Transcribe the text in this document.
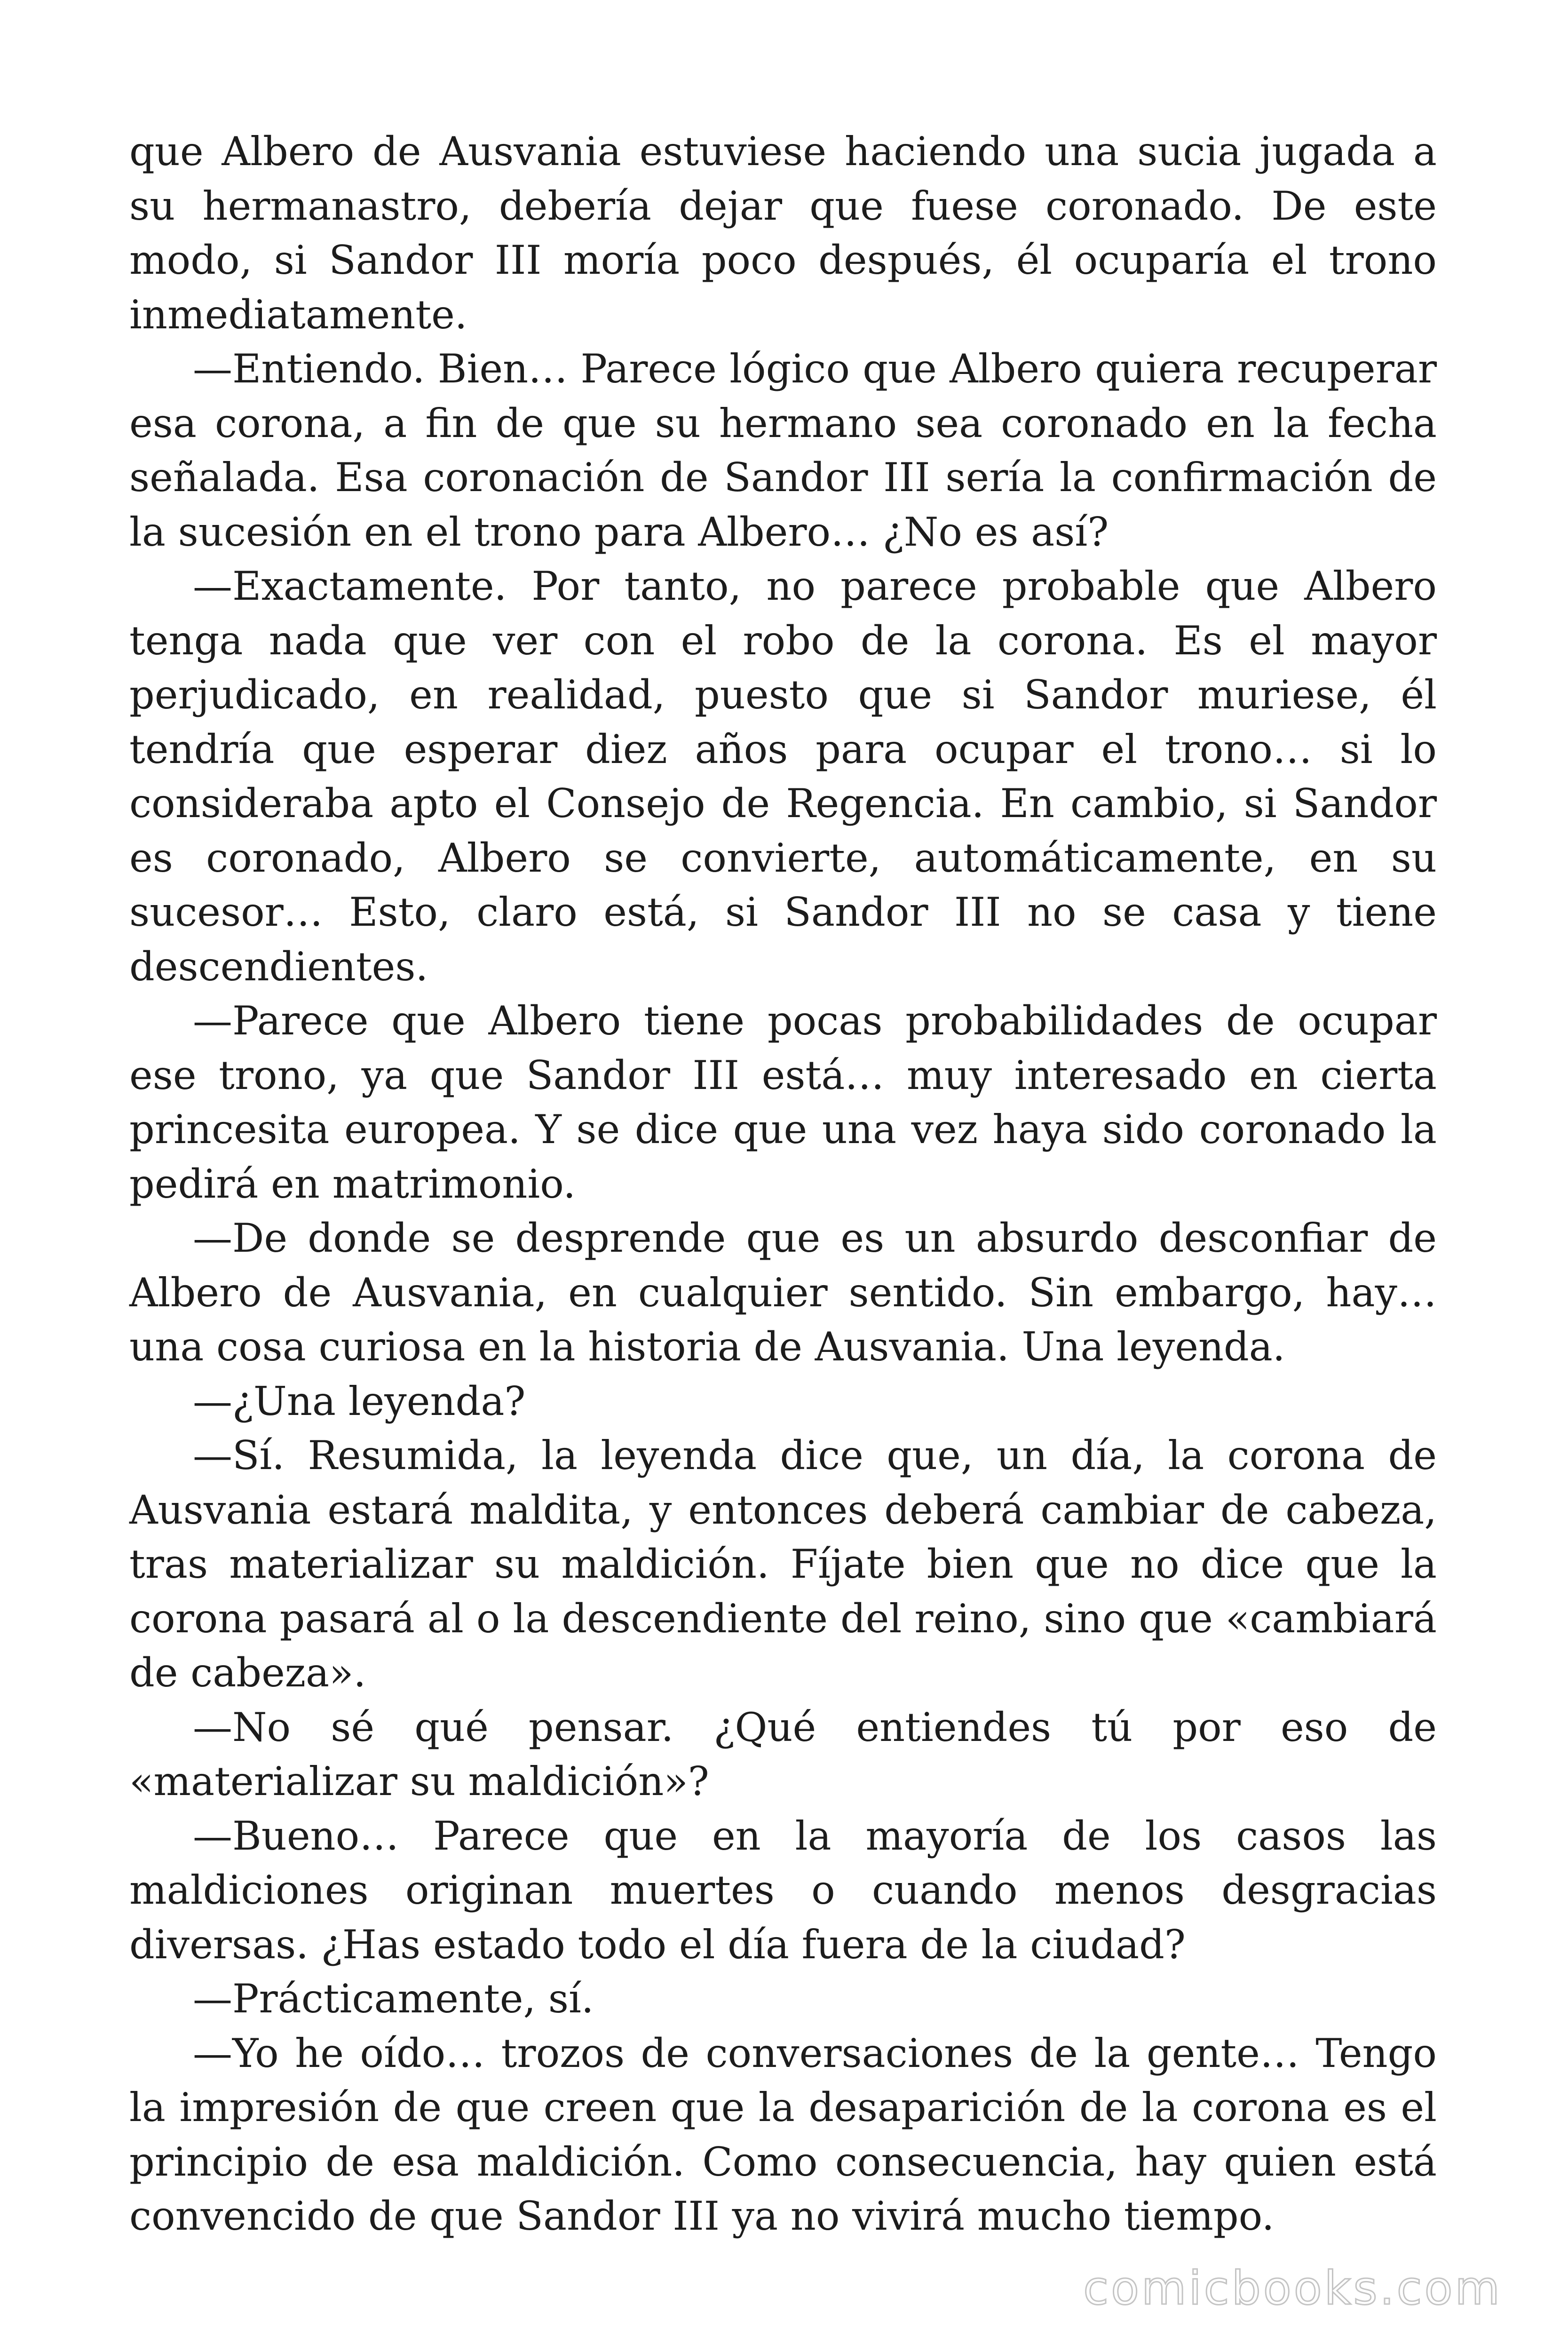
que Albero de Ausvania estuviese haciendo una sucia jugada a su hermanastro, debería dejar que fuese coronado. De este modo, si Sandor III moría poco después, él ocuparía el trono inmediatamente.

—Entiendo. Bien… Parece lógico que Albero quiera recuperar esa corona, a fin de que su hermano sea coronado en la fecha señalada. Esa coronación de Sandor III sería la confirmación de la sucesión en el trono para Albero… ¿No es así?

—Exactamente. Por tanto, no parece probable que Albero tenga nada que ver con el robo de la corona. Es el mayor perjudicado, en realidad, puesto que si Sandor muriese, él tendría que esperar diez años para ocupar el trono… si lo consideraba apto el Consejo de Regencia. En cambio, si Sandor es coronado, Albero se convierte, automáticamente, en su sucesor… Esto, claro está, si Sandor III no se casa y tiene descendientes.

—Parece que Albero tiene pocas probabilidades de ocupar ese trono, ya que Sandor III está… muy interesado en cierta princesita europea. Y se dice que una vez haya sido coronado la pedirá en matrimonio.

—De donde se desprende que es un absurdo desconfiar de Albero de Ausvania, en cualquier sentido. Sin embargo, hay… una cosa curiosa en la historia de Ausvania. Una leyenda.

—¿Una leyenda?

—Sí. Resumida, la leyenda dice que, un día, la corona de Ausvania estará maldita, y entonces deberá cambiar de cabeza, tras materializar su maldición. Fíjate bien que no dice que la corona pasará al o la descendiente del reino, sino que «cambiará de cabeza».

—No sé qué pensar. ¿Qué entiendes tú por eso de «materializar su maldición»?

—Bueno… Parece que en la mayoría de los casos las maldiciones originan muertes o cuando menos desgracias diversas. ¿Has estado todo el día fuera de la ciudad?

—Prácticamente, sí.

—Yo he oído… trozos de conversaciones de la gente… Tengo la impresión de que creen que la desaparición de la corona es el principio de esa maldición. Como consecuencia, hay quien está convencido de que Sandor III ya no vivirá mucho tiempo.

comicbooks.com
